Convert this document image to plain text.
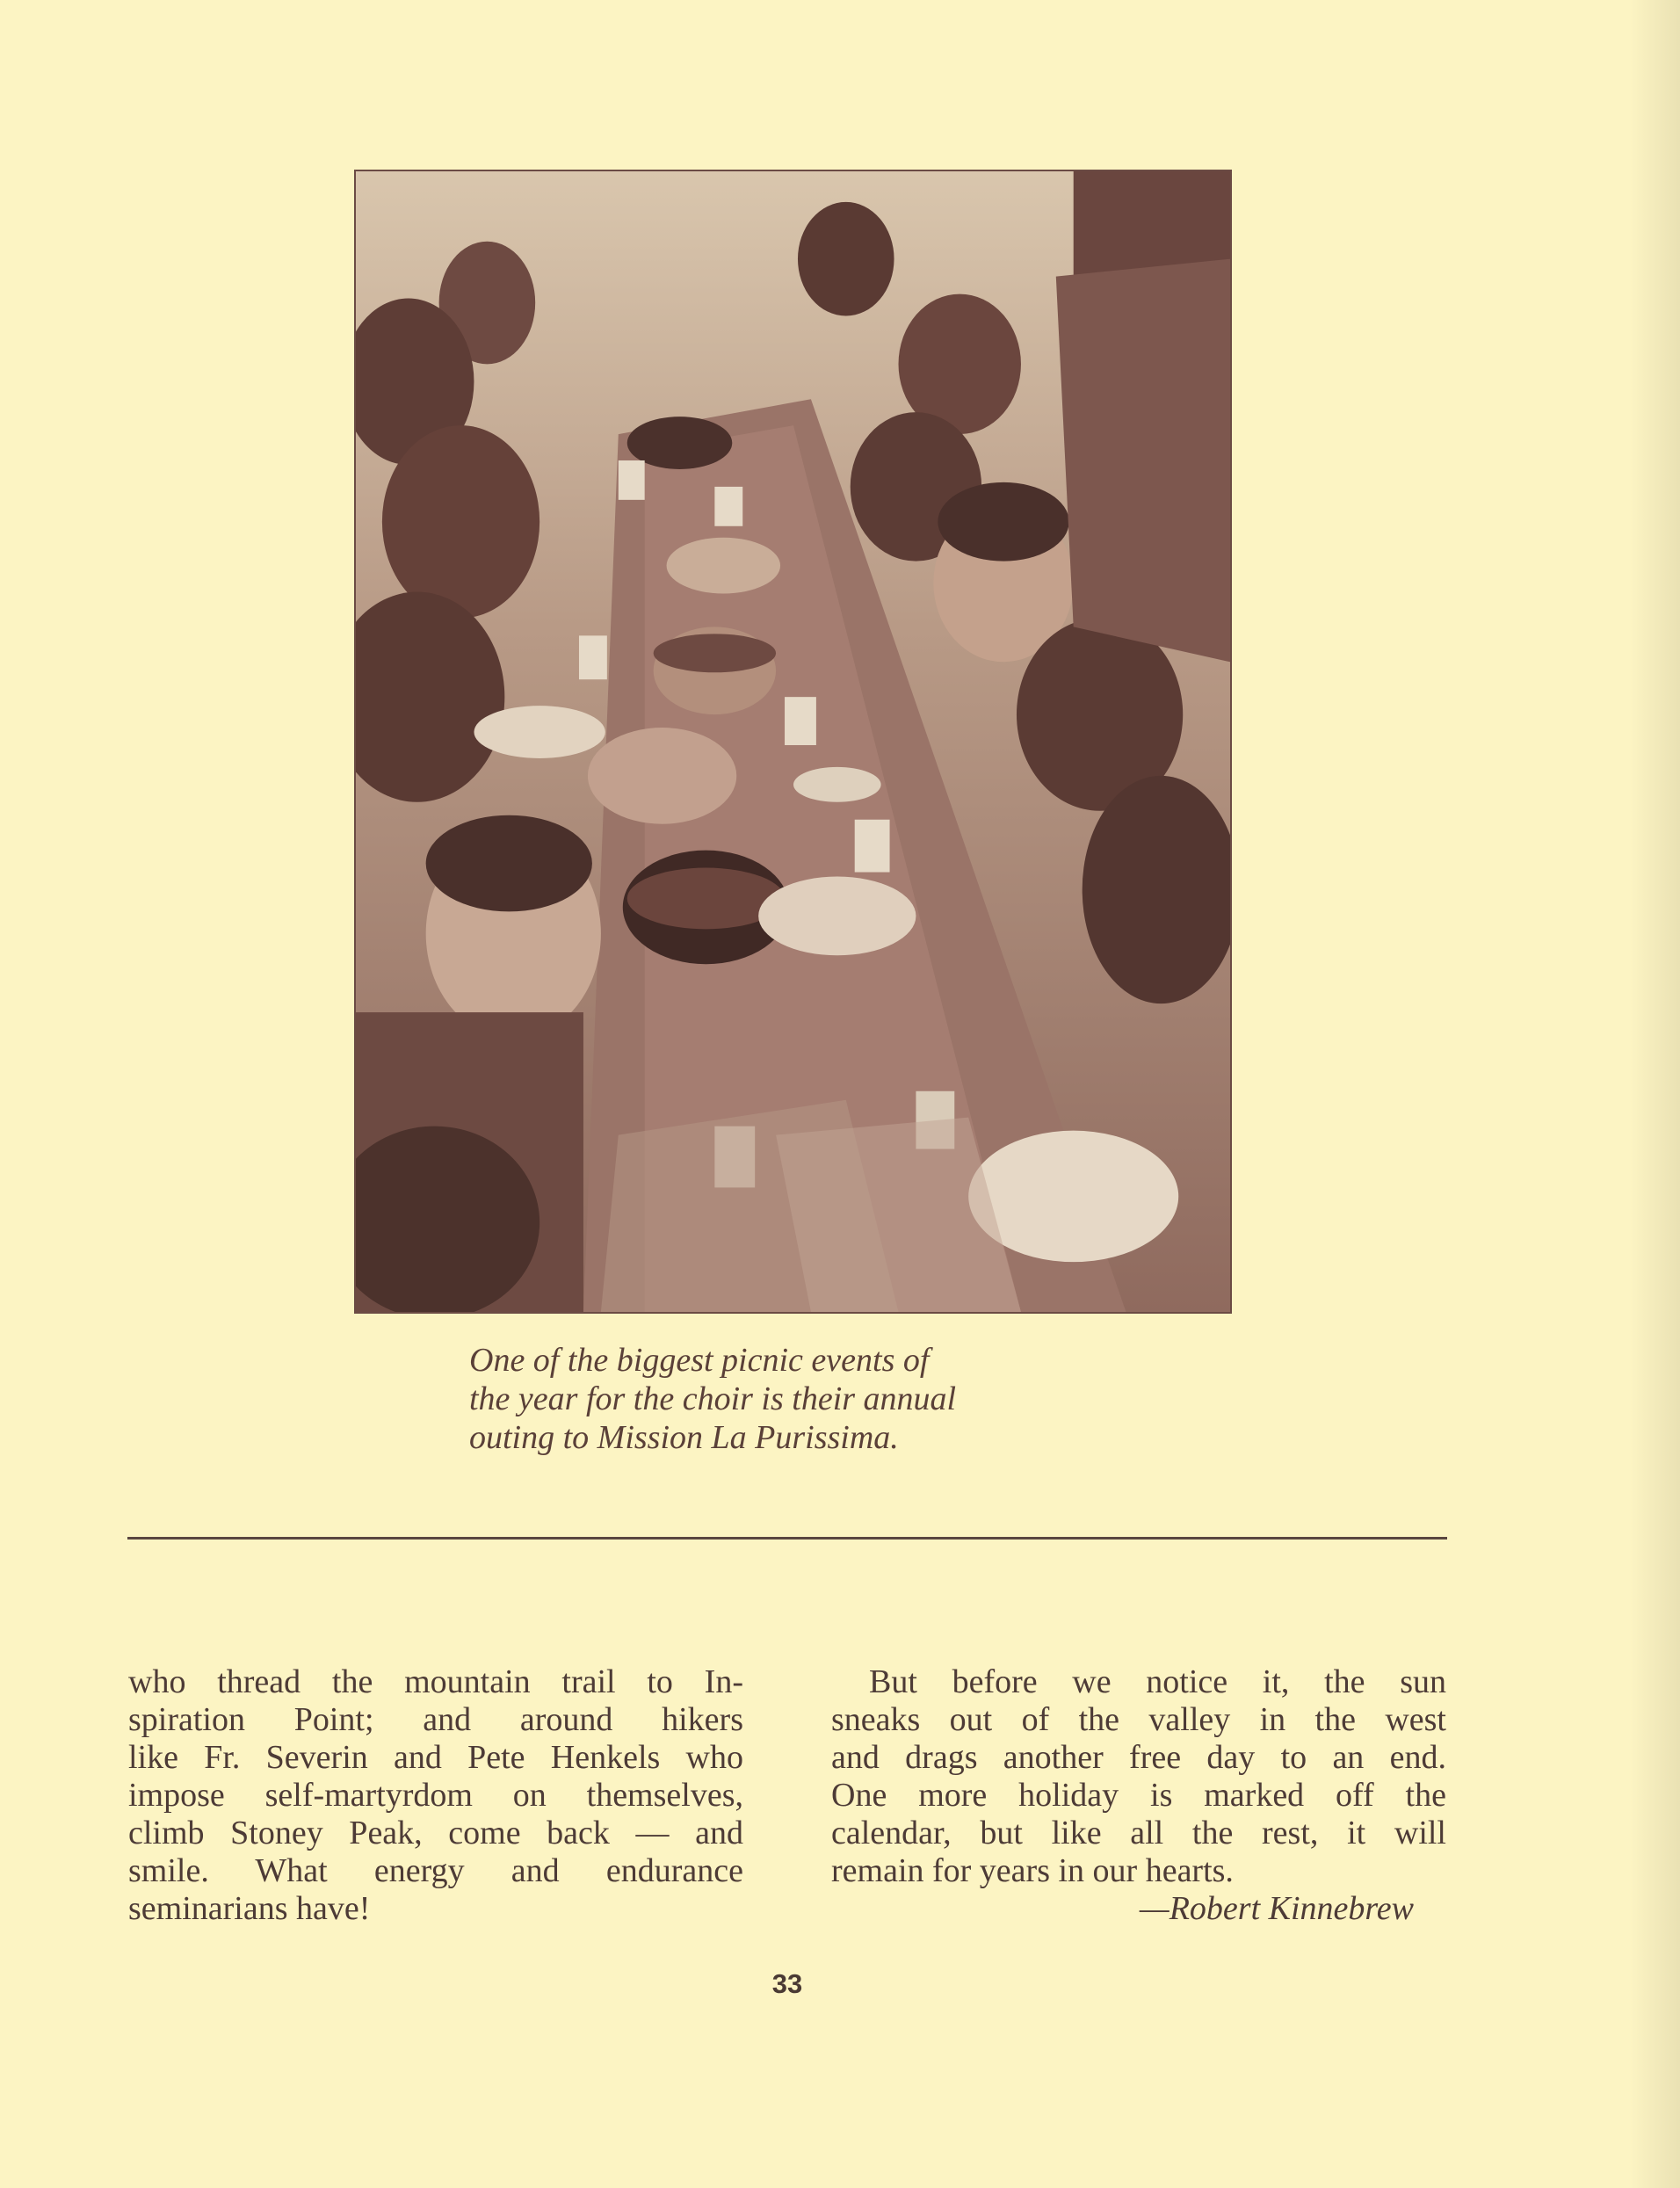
One of the biggest picnic events of
the year for the choir is their annual
outing to Mission La Purissima.
who thread the mountain trail to In-
spiration Point; and around hikers
like Fr. Severin and Pete Henkels who
impose self-martyrdom on themselves,
climb Stoney Peak, come back — and
smile. What energy and endurance
seminarians have!
But before we notice it, the sun
sneaks out of the valley in the west
and drags another free day to an end.
One more holiday is marked off the
calendar, but like all the rest, it will
remain for years in our hearts.
—Robert Kinnebrew
33
